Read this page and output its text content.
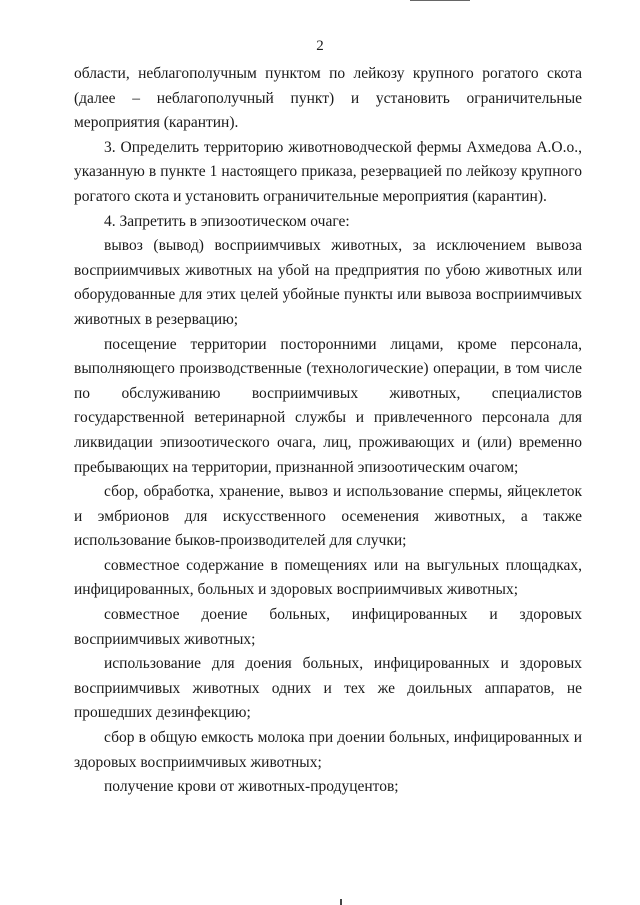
2

области, неблагополучным пунктом по лейкозу крупного рогатого скота (далее – неблагополучный пункт) и установить ограничительные мероприятия (карантин).

3. Определить территорию животноводческой фермы Ахмедова А.О.о., указанную в пункте 1 настоящего приказа, резервацией по лейкозу крупного рогатого скота и установить ограничительные мероприятия (карантин).

4. Запретить в эпизоотическом очаге:

вывоз (вывод) восприимчивых животных, за исключением вывоза восприимчивых животных на убой на предприятия по убою животных или оборудованные для этих целей убойные пункты или вывоза восприимчивых животных в резервацию;

посещение территории посторонними лицами, кроме персонала, выполняющего производственные (технологические) операции, в том числе по обслуживанию восприимчивых животных, специалистов государственной ветеринарной службы и привлеченного персонала для ликвидации эпизоотического очага, лиц, проживающих и (или) временно пребывающих на территории, признанной эпизоотическим очагом;

сбор, обработка, хранение, вывоз и использование спермы, яйцеклеток и эмбрионов для искусственного осеменения животных, а также использование быков-производителей для случки;

совместное содержание в помещениях или на выгульных площадках, инфицированных, больных и здоровых восприимчивых животных;

совместное доение больных, инфицированных и здоровых восприимчивых животных;

использование для доения больных, инфицированных и здоровых восприимчивых животных одних и тех же доильных аппаратов, не прошедших дезинфекцию;

сбор в общую емкость молока при доении больных, инфицированных и здоровых восприимчивых животных;

получение крови от животных-продуцентов;
